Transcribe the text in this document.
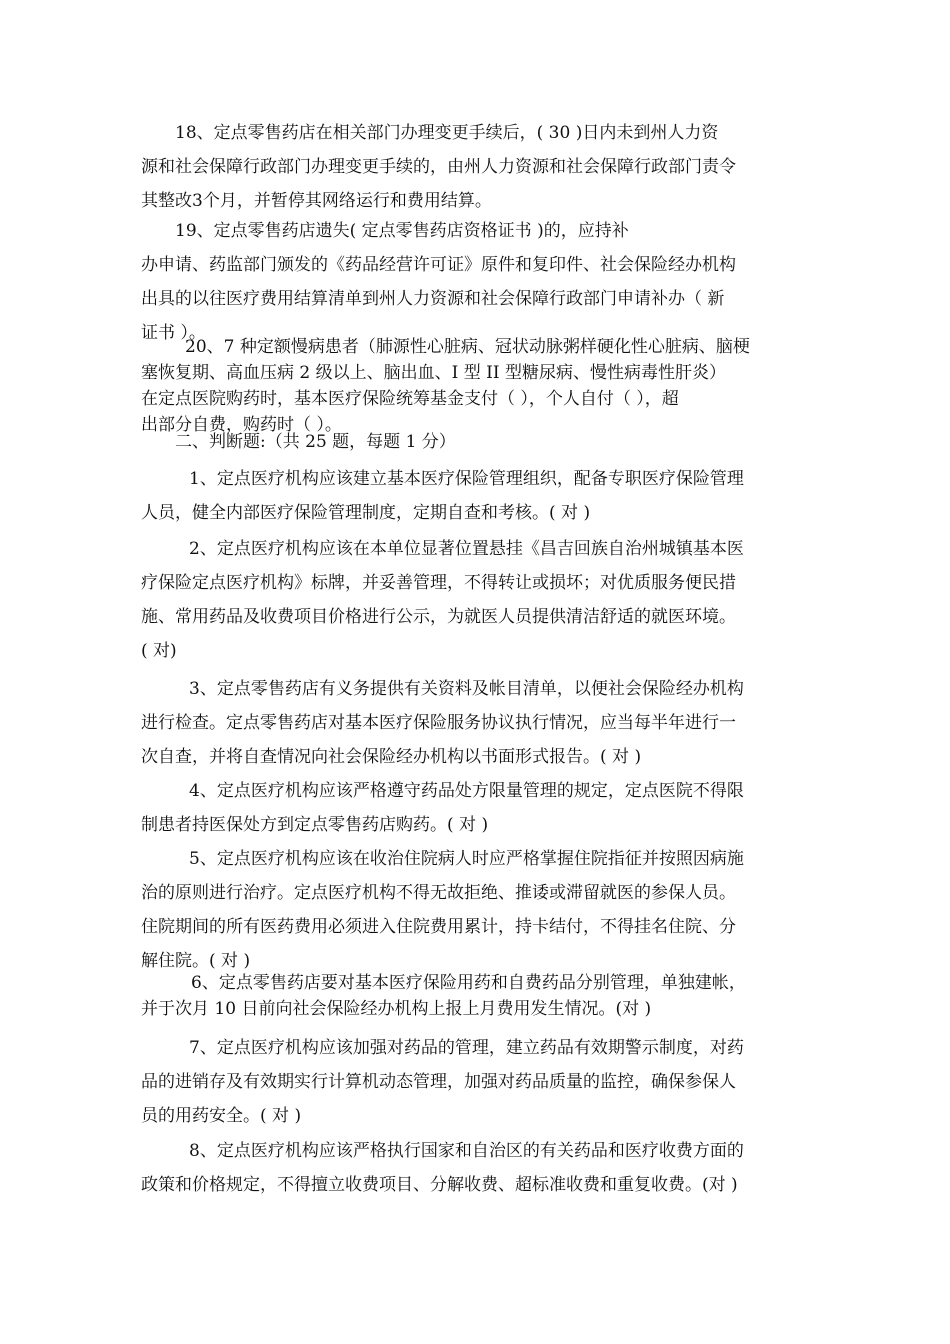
18、定点零售药店在相关部门办理变更手续后，( 30 )日内未到州人力资
源和社会保障行政部门办理变更手续的，由州人力资源和社会保障行政部门责令
其整改3个月，并暂停其网络运行和费用结算。
19、定点零售药店遗失( 定点零售药店资格证书 )的，应持补
办申请、药监部门颁发的《药品经营许可证》原件和复印件、社会保险经办机构
出具的以往医疗费用结算清单到州人力资源和社会保障行政部门申请补办（ 新
证书 ）。
20、7 种定额慢病患者（肺源性心脏病、冠状动脉粥样硬化性心脏病、脑梗
塞恢复期、高血压病 2 级以上、脑出血、I 型 II 型糖尿病、慢性病毒性肝炎）
在定点医院购药时，基本医疗保险统筹基金支付（ ），个人自付（ ），超
出部分自费，购药时（ ）。
二、判断题:（共 25 题，每题 1 分）
1、定点医疗机构应该建立基本医疗保险管理组织，配备专职医疗保险管理
人员，健全内部医疗保险管理制度，定期自查和考核。( 对 )
2、定点医疗机构应该在本单位显著位置悬挂《昌吉回族自治州城镇基本医
疗保险定点医疗机构》标牌，并妥善管理，不得转让或损坏；对优质服务便民措
施、常用药品及收费项目价格进行公示，为就医人员提供清洁舒适的就医环境。
( 对)
3、定点零售药店有义务提供有关资料及帐目清单，以便社会保险经办机构
进行检查。定点零售药店对基本医疗保险服务协议执行情况，应当每半年进行一
次自查，并将自查情况向社会保险经办机构以书面形式报告。( 对 )
4、定点医疗机构应该严格遵守药品处方限量管理的规定，定点医院不得限
制患者持医保处方到定点零售药店购药。( 对 )
5、定点医疗机构应该在收治住院病人时应严格掌握住院指征并按照因病施
治的原则进行治疗。定点医疗机构不得无故拒绝、推诿或滞留就医的参保人员。
住院期间的所有医药费用必须进入住院费用累计，持卡结付，不得挂名住院、分
解住院。( 对 )
6、定点零售药店要对基本医疗保险用药和自费药品分别管理，单独建帐，
并于次月 10 日前向社会保险经办机构上报上月费用发生情况。(对 )
7、定点医疗机构应该加强对药品的管理，建立药品有效期警示制度，对药
品的进销存及有效期实行计算机动态管理，加强对药品质量的监控，确保参保人
员的用药安全。( 对 )
8、定点医疗机构应该严格执行国家和自治区的有关药品和医疗收费方面的
政策和价格规定，不得擅立收费项目、分解收费、超标准收费和重复收费。(对 )
